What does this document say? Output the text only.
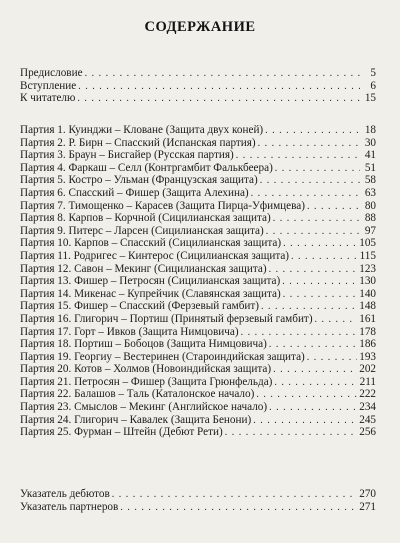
СОДЕРЖАНИЕ
Предисловие . . .	5
Вступление . . .	6
К читателю . . .	15
Партия 1. Куинджи – Кловане (Защита двух коней) . . .	18
Партия 2. Р. Бирн – Спасский (Испанская партия) . . .	30
Партия 3. Браун – Бисгайер (Русская партия) . . .	41
Партия 4. Фаркаш – Селл (Контргамбит Фалькбеера) . . .	51
Партия 5. Костро – Ульман (Французская защита) . . .	58
Партия 6. Спасский – Фишер (Защита Алехина) . . .	63
Партия 7. Тимощенко – Карасев (Защита Пирца-Уфимцева) . . .	80
Партия 8. Карпов – Корчной (Сицилианская защита) . . .	88
Партия 9. Питерс – Ларсен (Сицилианская защита) . . .	97
Партия 10. Карпов – Спасский (Сицилианская защита) . . .	105
Партия 11. Родригес – Кинтерос (Сицилианская защита) . . .	115
Партия 12. Савон – Мекинг (Сицилианская защита) . . .	123
Партия 13. Фишер – Петросян (Сицилианская защита) . . .	130
Партия 14. Микенас – Купрейчик (Славянская защита) . . .	140
Партия 15. Фишер – Спасский (Ферзевый гамбит) . . .	148
Партия 16. Глигорич – Портиш (Принятый ферзевый гамбит) . . .	161
Партия 17. Горт – Ивков (Защита Нимцовича) . . .	178
Партия 18. Портиш – Бобоцов (Защита Нимцовича) . . .	186
Партия 19. Георгиу – Вестеринен (Староиндийская защита) . . .	193
Партия 20. Котов – Холмов (Новоиндийская защита) . . .	202
Партия 21. Петросян – Фишер (Защита Грюнфельда) . . .	211
Партия 22. Балашов – Таль (Каталонское начало) . . .	222
Партия 23. Смыслов – Мекинг (Английское начало) . . .	234
Партия 24. Глигорич – Кавалек (Защита Бенони) . . .	245
Партия 25. Фурман – Штейн (Дебют Рети) . . .	256
Указатель дебютов . . .	270
Указатель партнеров . . .	271
